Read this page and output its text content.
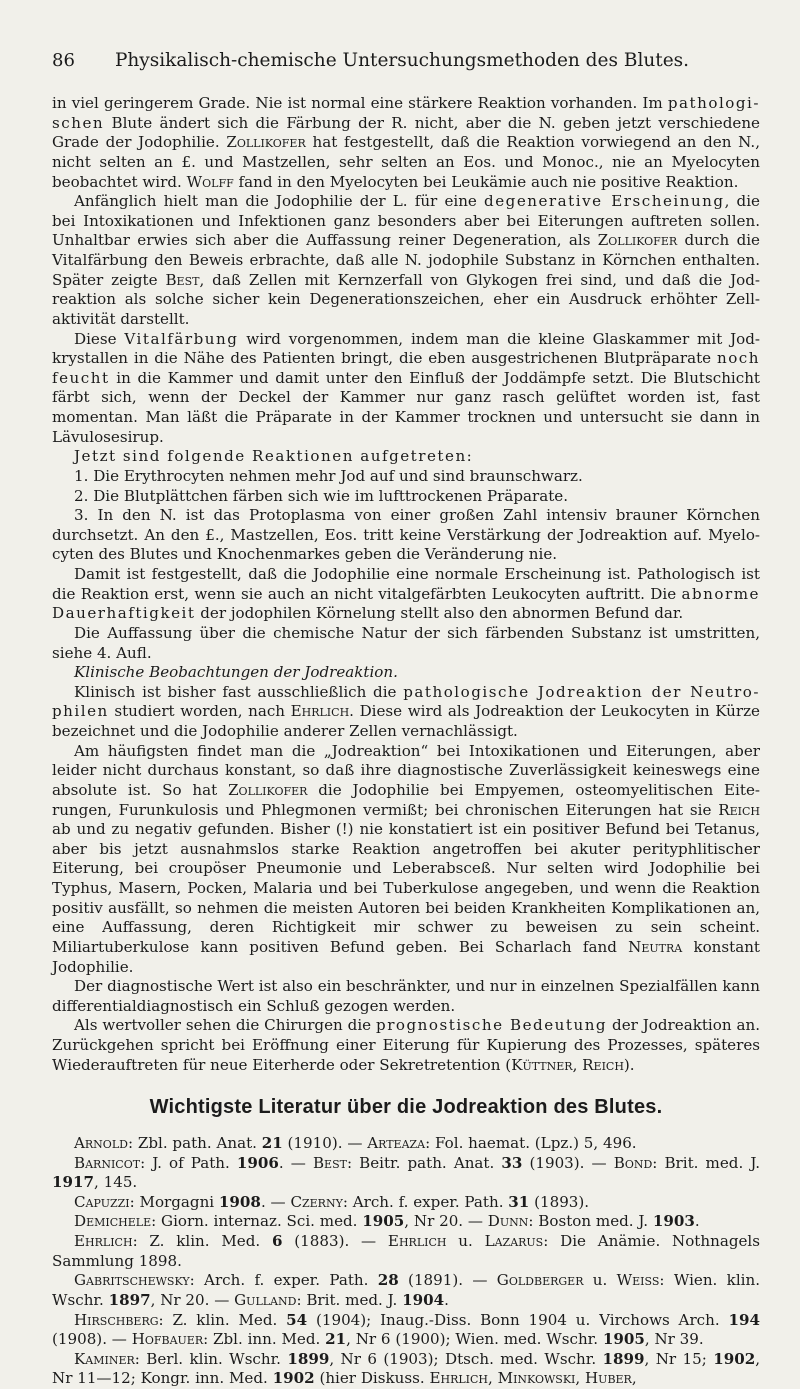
86	Physikalisch-chemische Untersuchungsmethoden des Blutes.

in viel geringerem Grade. Nie ist normal eine stärkere Reaktion vorhanden. Im pathologi- schen Blute ändert sich die Färbung der R. nicht, aber die N. geben jetzt verschiedene Grade der Jodophilie. Zollikofer hat festgestellt, daß die Reaktion vorwiegend an den N., nicht selten an £. und Mastzellen, sehr selten an Eos. und Monoc., nie an Myelocyten beobachtet wird. Wolff fand in den Myelocyten bei Leukämie auch nie positive Reaktion.

Anfänglich hielt man die Jodophilie der L. für eine degenerative Erscheinung, die bei Intoxikationen und Infektionen ganz besonders aber bei Eiterungen auftreten sollen. Unhaltbar erwies sich aber die Auffassung reiner Degeneration, als Zollikofer durch die Vitalfärbung den Beweis erbrachte, daß alle N. jodophile Substanz in Körnchen enthalten. Später zeigte Best, daß Zellen mit Kernzerfall von Glykogen frei sind, und daß die Jod- reaktion als solche sicher kein Degenerationszeichen, eher ein Ausdruck erhöhter Zell- aktivität darstellt.

Diese Vitalfärbung wird vorgenommen, indem man die kleine Glaskammer mit Jod- krystallen in die Nähe des Patienten bringt, die eben ausgestrichenen Blutpräparate noch feucht in die Kammer und damit unter den Einfluß der Joddämpfe setzt. Die Blutschicht färbt sich, wenn der Deckel der Kammer nur ganz rasch gelüftet worden ist, fast momentan. Man läßt die Präparate in der Kammer trocknen und untersucht sie dann in Lävulosesirup.

Jetzt sind folgende Reaktionen aufgetreten:

1. Die Erythrocyten nehmen mehr Jod auf und sind braunschwarz.

2. Die Blutplättchen färben sich wie im lufttrockenen Präparate.

3. In den N. ist das Protoplasma von einer großen Zahl intensiv brauner Körnchen durchsetzt. An den £., Mastzellen, Eos. tritt keine Verstärkung der Jodreaktion auf. Myelo- cyten des Blutes und Knochenmarkes geben die Veränderung nie.

Damit ist festgestellt, daß die Jodophilie eine normale Erscheinung ist. Pathologisch ist die Reaktion erst, wenn sie auch an nicht vitalgefärbten Leukocyten auftritt. Die abnorme Dauerhaftigkeit der jodophilen Körnelung stellt also den abnormen Befund dar.

Die Auffassung über die chemische Natur der sich färbenden Substanz ist umstritten, siehe 4. Aufl.

Klinische Beobachtungen der Jodreaktion.

Klinisch ist bisher fast ausschließlich die pathologische Jodreaktion der Neutro- philen studiert worden, nach Ehrlich. Diese wird als Jodreaktion der Leukocyten in Kürze bezeichnet und die Jodophilie anderer Zellen vernachlässigt.

Am häufigsten findet man die „Jodreaktion“ bei Intoxikationen und Eiterungen, aber leider nicht durchaus konstant, so daß ihre diagnostische Zuverlässigkeit keineswegs eine absolute ist. So hat Zollikofer die Jodophilie bei Empyemen, osteomyelitischen Eite- rungen, Furunkulosis und Phlegmonen vermißt; bei chronischen Eiterungen hat sie Reich ab und zu negativ gefunden. Bisher (!) nie konstatiert ist ein positiver Befund bei Tetanus, aber bis jetzt ausnahmslos starke Reaktion angetroffen bei akuter perityphlitischer Eiterung, bei croupöser Pneumonie und Leberabsceß. Nur selten wird Jodophilie bei Typhus, Masern, Pocken, Malaria und bei Tuberkulose angegeben, und wenn die Reaktion positiv ausfällt, so nehmen die meisten Autoren bei beiden Krankheiten Komplikationen an, eine Auffassung, deren Richtigkeit mir schwer zu beweisen zu sein scheint. Miliartuberkulose kann positiven Befund geben. Bei Scharlach fand Neutra konstant Jodophilie.

Der diagnostische Wert ist also ein beschränkter, und nur in einzelnen Spezialfällen kann differentialdiagnostisch ein Schluß gezogen werden.

Als wertvoller sehen die Chirurgen die prognostische Bedeutung der Jodreaktion an. Zurückgehen spricht bei Eröffnung einer Eiterung für Kupierung des Prozesses, späteres Wiederauftreten für neue Eiterherde oder Sekretretention (Küttner, Reich).

Wichtigste Literatur über die Jodreaktion des Blutes.

Arnold: Zbl. path. Anat. 21 (1910). — Arteaza: Fol. haemat. (Lpz.) 5, 496.

Barnicot: J. of Path. 1906. — Best: Beitr. path. Anat. 33 (1903). — Bond: Brit. med. J. 1917, 145.

Capuzzi: Morgagni 1908. — Czerny: Arch. f. exper. Path. 31 (1893).

Demichele: Giorn. internaz. Sci. med. 1905, Nr 20. — Dunn: Boston med. J. 1903.

Ehrlich: Z. klin. Med. 6 (1883). — Ehrlich u. Lazarus: Die Anämie. Nothnagels Sammlung 1898.

Gabritschewsky: Arch. f. exper. Path. 28 (1891). — Goldberger u. Weiss: Wien. klin. Wschr. 1897, Nr 20. — Gulland: Brit. med. J. 1904.

Hirschberg: Z. klin. Med. 54 (1904); Inaug.-Diss. Bonn 1904 u. Virchows Arch. 194 (1908). — Hofbauer: Zbl. inn. Med. 21, Nr 6 (1900); Wien. med. Wschr. 1905, Nr 39.

Kaminer: Berl. klin. Wschr. 1899, Nr 6 (1903); Dtsch. med. Wschr. 1899, Nr 15; 1902, Nr 11—12; Kongr. inn. Med. 1902 (hier Diskuss. Ehrlich, Minkowski, Huber,
